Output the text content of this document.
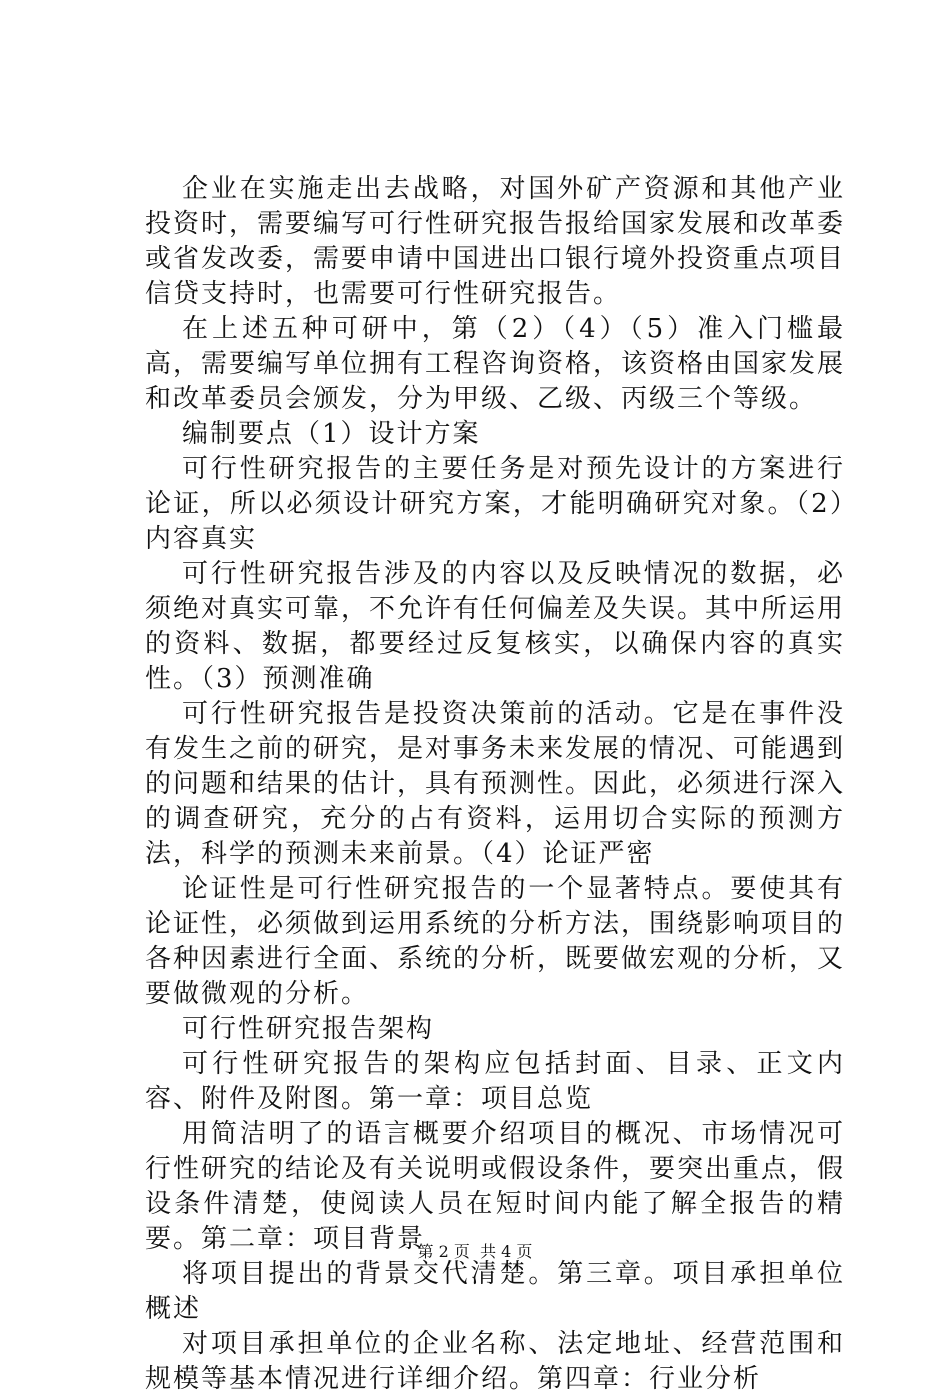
企业在实施走出去战略，对国外矿产资源和其他产业投资时，需要编写可行性研究报告报给国家发展和改革委或省发改委，需要申请中国进出口银行境外投资重点项目信贷支持时，也需要可行性研究报告。

在上述五种可研中，第（2）（4）（5）准入门槛最高，需要编写单位拥有工程咨询资格，该资格由国家发展和改革委员会颁发，分为甲级、乙级、丙级三个等级。

编制要点（1）设计方案

可行性研究报告的主要任务是对预先设计的方案进行论证，所以必须设计研究方案，才能明确研究对象。（2）内容真实

可行性研究报告涉及的内容以及反映情况的数据，必须绝对真实可靠，不允许有任何偏差及失误。其中所运用的资料、数据，都要经过反复核实，以确保内容的真实性。（3）预测准确

可行性研究报告是投资决策前的活动。它是在事件没有发生之前的研究，是对事务未来发展的情况、可能遇到的问题和结果的估计，具有预测性。因此，必须进行深入的调查研究，充分的占有资料，运用切合实际的预测方法，科学的预测未来前景。（4）论证严密

论证性是可行性研究报告的一个显著特点。要使其有论证性，必须做到运用系统的分析方法，围绕影响项目的各种因素进行全面、系统的分析，既要做宏观的分析，又要做微观的分析。

可行性研究报告架构

可行性研究报告的架构应包括封面、目录、正文内容、附件及附图。第一章：项目总览

用简洁明了的语言概要介绍项目的概况、市场情况可行性研究的结论及有关说明或假设条件，要突出重点，假设条件清楚，使阅读人员在短时间内能了解全报告的精要。第二章：项目背景

将项目提出的背景交代清楚。第三章。项目承担单位概述

对项目承担单位的企业名称、法定地址、经营范围和规模等基本情况进行详细介绍。第四章：行业分析

第 2 页  共 4 页
